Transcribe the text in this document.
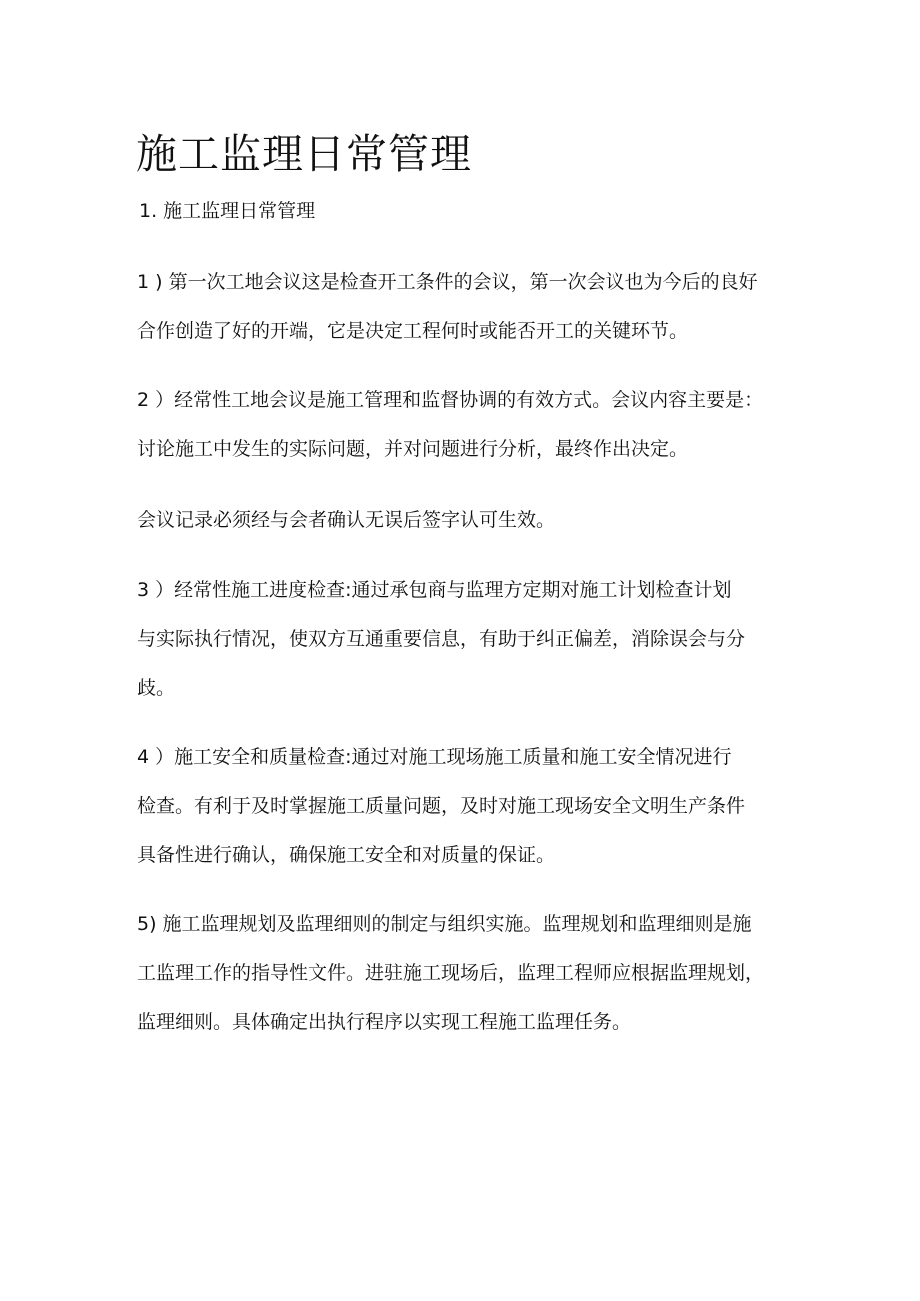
施工监理日常管理

1. 施工监理日常管理

1 ) 第一次工地会议这是检查开工条件的会议，第一次会议也为今后的良好
合作创造了好的开端，它是决定工程何时或能否开工的关键环节。
2 ）经常性工地会议是施工管理和监督协调的有效方式。会议内容主要是：
讨论施工中发生的实际问题，并对问题进行分析，最终作出决定。
会议记录必须经与会者确认无误后签字认可生效。
3 ）经常性施工进度检查:通过承包商与监理方定期对施工计划检查计划
与实际执行情况，使双方互通重要信息，有助于纠正偏差，消除误会与分
歧。
4 ）施工安全和质量检查:通过对施工现场施工质量和施工安全情况进行
检查。有利于及时掌握施工质量问题，及时对施工现场安全文明生产条件
具备性进行确认，确保施工安全和对质量的保证。
5) 施工监理规划及监理细则的制定与组织实施。监理规划和监理细则是施
工监理工作的指导性文件。进驻施工现场后，监理工程师应根据监理规划，
监理细则。具体确定出执行程序以实现工程施工监理任务。
